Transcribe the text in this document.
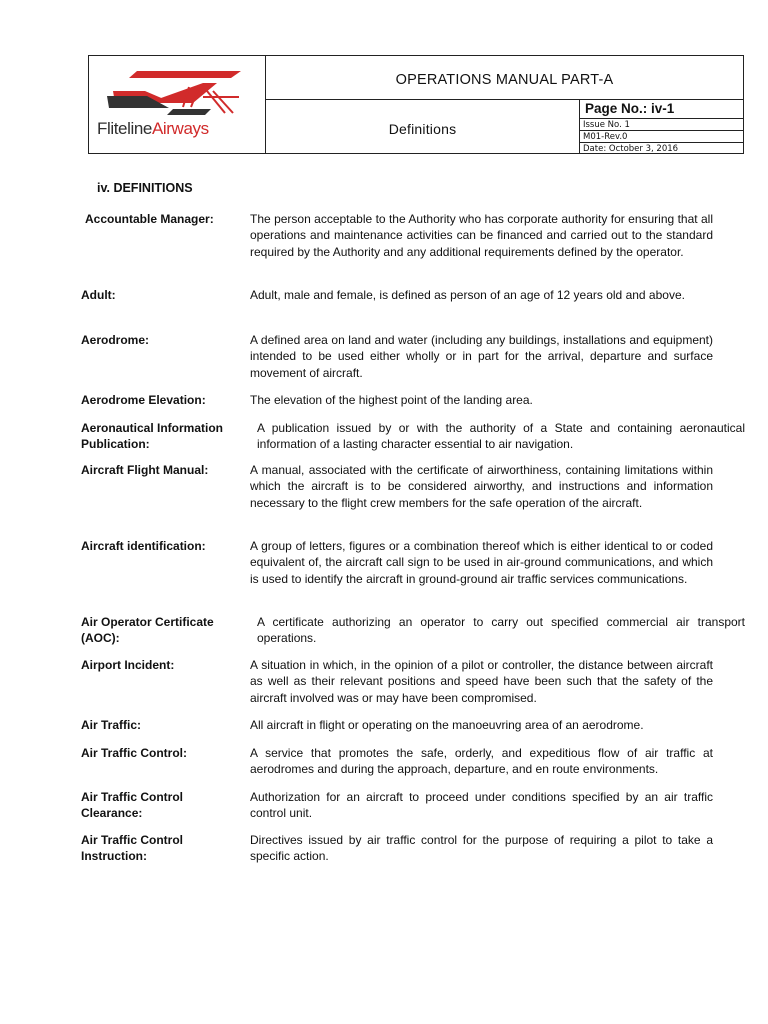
FlitelineAirways
OPERATIONS MANUAL PART-A
Definitions
Page No.: iv-1
Issue No. 1
M01-Rev.0
Date: October 3, 2016
iv. DEFINITIONS
Accountable Manager:	The person acceptable to the Authority who has corporate authority for ensuring that all operations and maintenance activities can be financed and carried out to the standard required by the Authority and any additional requirements defined by the operator.
Adult:	Adult, male and female, is defined as person of an age of 12 years old and above.
Aerodrome:	A defined area on land and water (including any buildings, installations and equipment) intended to be used either wholly or in part for the arrival, departure and surface movement of aircraft.
Aerodrome Elevation:	The elevation of the highest point of the landing area.
Aeronautical Information Publication:
A publication issued by or with the authority of a State and containing aeronautical information of a lasting character essential to air navigation.
Aircraft Flight Manual:	A manual, associated with the certificate of airworthiness, containing limitations within which the aircraft is to be considered airworthy, and instructions and information necessary to the flight crew members for the safe operation of the aircraft.
Aircraft identification:	A group of letters, figures or a combination thereof which is either identical to or coded equivalent of, the aircraft call sign to be used in air-ground communications, and which is used to identify the aircraft in ground-ground air traffic services communications.
Air Operator Certificate (AOC):
A certificate authorizing an operator to carry out specified commercial air transport operations.
Airport Incident:	A situation in which, in the opinion of a pilot or controller, the distance between aircraft as well as their relevant positions and speed have been such that the safety of the aircraft involved was or may have been compromised.
Air Traffic:	All aircraft in flight or operating on the manoeuvring area of an aerodrome.
Air Traffic Control:	A service that promotes the safe, orderly, and expeditious flow of air traffic at aerodromes and during the approach, departure, and en route environments.
Air Traffic Control Clearance:
Authorization for an aircraft to proceed under conditions specified by an air traffic control unit.
Air Traffic Control Instruction:
Directives issued by air traffic control for the purpose of requiring a pilot to take a specific action.
